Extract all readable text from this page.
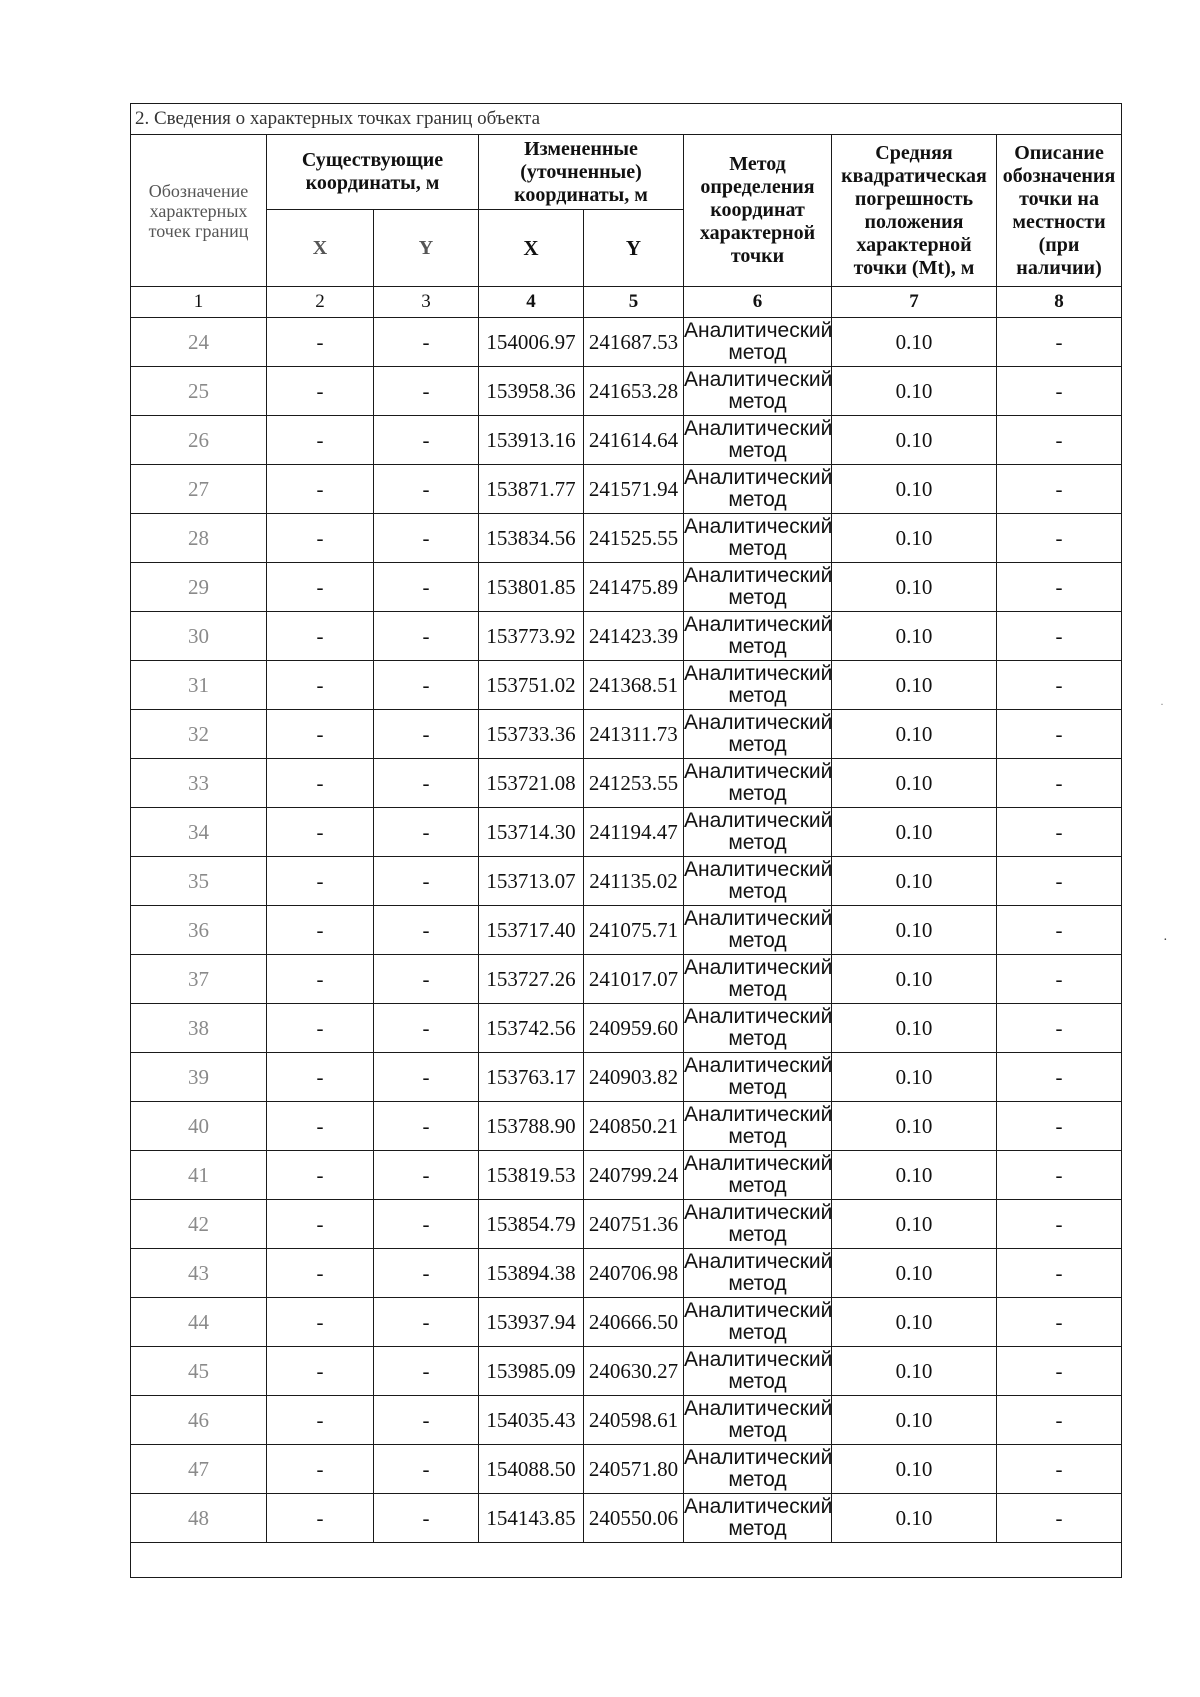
2. Сведения о характерных точках границ объекта							
Обозначение характерных точек границ	Существующие координаты, м		Измененные (уточненные) координаты, м		Метод определения координат характерной точки	Средняя квадратическая погрешность положения характерной точки (Mt), м	Описание обозначения точки на местности (при наличии)
	X	Y	X	Y			
1	2	3	4	5	6	7	8
24	-	-	154006.97	241687.53	Аналитический метод	0.10	-
25	-	-	153958.36	241653.28	Аналитический метод	0.10	-
26	-	-	153913.16	241614.64	Аналитический метод	0.10	-
27	-	-	153871.77	241571.94	Аналитический метод	0.10	-
28	-	-	153834.56	241525.55	Аналитический метод	0.10	-
29	-	-	153801.85	241475.89	Аналитический метод	0.10	-
30	-	-	153773.92	241423.39	Аналитический метод	0.10	-
31	-	-	153751.02	241368.51	Аналитический метод	0.10	-
32	-	-	153733.36	241311.73	Аналитический метод	0.10	-
33	-	-	153721.08	241253.55	Аналитический метод	0.10	-
34	-	-	153714.30	241194.47	Аналитический метод	0.10	-
35	-	-	153713.07	241135.02	Аналитический метод	0.10	-
36	-	-	153717.40	241075.71	Аналитический метод	0.10	-
37	-	-	153727.26	241017.07	Аналитический метод	0.10	-
38	-	-	153742.56	240959.60	Аналитический метод	0.10	-
39	-	-	153763.17	240903.82	Аналитический метод	0.10	-
40	-	-	153788.90	240850.21	Аналитический метод	0.10	-
41	-	-	153819.53	240799.24	Аналитический метод	0.10	-
42	-	-	153854.79	240751.36	Аналитический метод	0.10	-
43	-	-	153894.38	240706.98	Аналитический метод	0.10	-
44	-	-	153937.94	240666.50	Аналитический метод	0.10	-
45	-	-	153985.09	240630.27	Аналитический метод	0.10	-
46	-	-	154035.43	240598.61	Аналитический метод	0.10	-
47	-	-	154088.50	240571.80	Аналитический метод	0.10	-
48	-	-	154143.85	240550.06	Аналитический метод	0.10	-

·
·
